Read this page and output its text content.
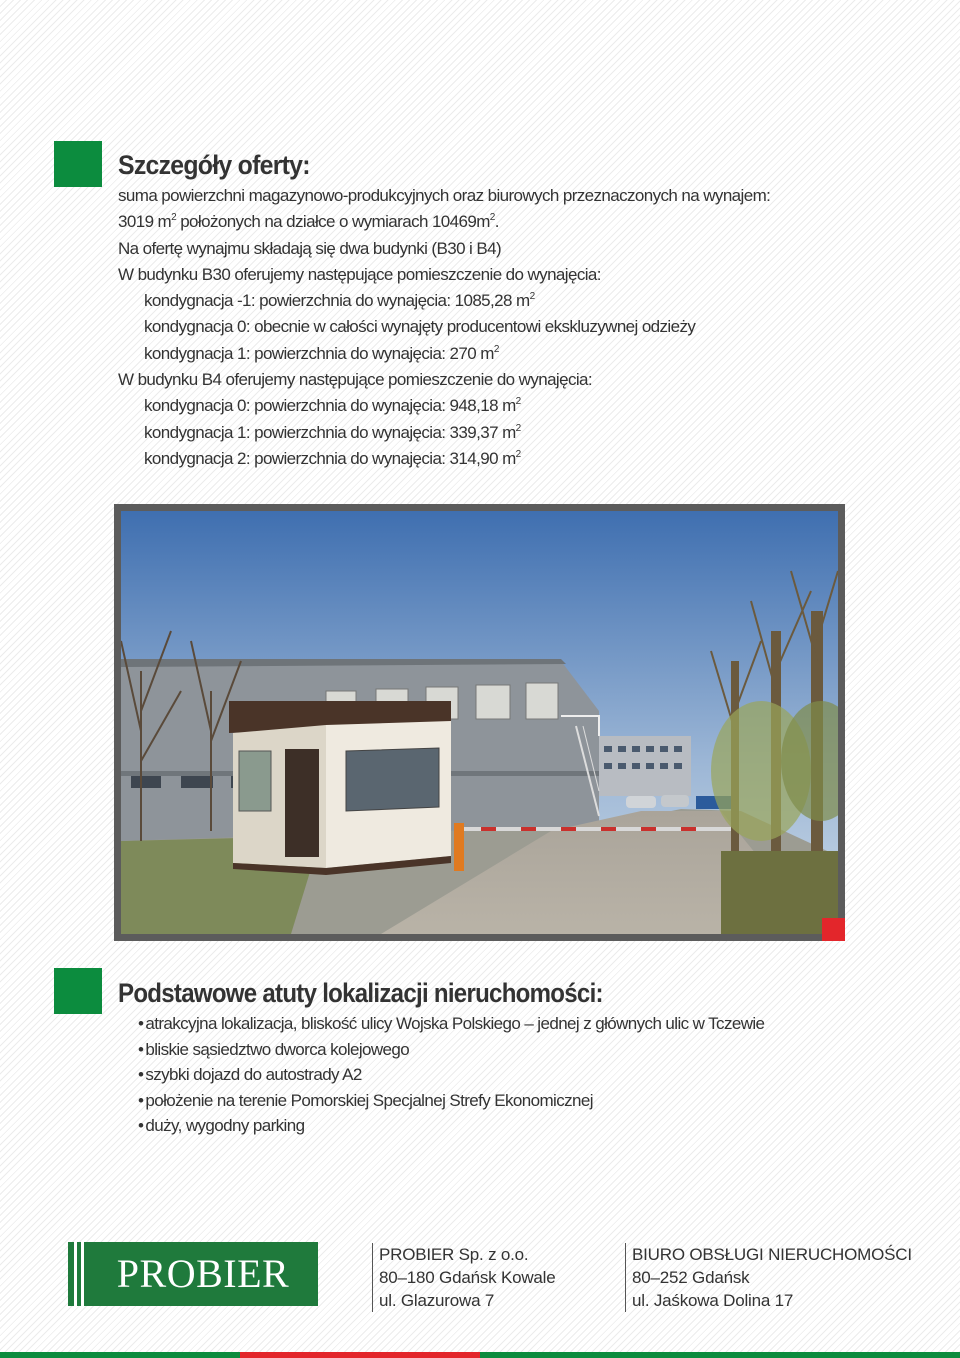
Szczegóły oferty:
suma powierzchni magazynowo-produkcyjnych oraz biurowych przeznaczonych na wynajem:
3019 $m^2$ położonych na działce o wymiarach $10469m^2$.
Na ofertę wynajmu składają się dwa budynki (B30 i B4)
W budynku B30 oferujemy następujące pomieszczenie do wynajęcia:
kondygnacja -1: powierzchnia do wynajęcia: 1085,28 $m^2$
kondygnacja 0: obecnie w całości wynajęty producentowi ekskluzywnej odzieży
kondygnacja 1: powierzchnia do wynajęcia: 270 $m^2$
W budynku B4 oferujemy następujące pomieszczenie do wynajęcia:
kondygnacja 0: powierzchnia do wynajęcia: 948,18 $m^2$
kondygnacja 1: powierzchnia do wynajęcia: 339,37 $m^2$
kondygnacja 2: powierzchnia do wynajęcia: 314,90 $m^2$
Podstawowe atuty lokalizacji nieruchomości:
• atrakcyjna lokalizacja, bliskość ulicy Wojska Polskiego – jednej z głównych ulic w Tczewie
• bliskie sąsiedztwo dworca kolejowego
• szybki dojazd do autostrady A2
• położenie na terenie Pomorskiej Specjalnej Strefy Ekonomicznej
• duży, wygodny parking
PROBIER	PROBIER Sp. z o.o.
80–180 Gdańsk Kowale
ul. Glazurowa 7
BIURO OBSŁUGI NIERUCHOMOŚCI
80–252 Gdańsk
ul. Jaśkowa Dolina 17
